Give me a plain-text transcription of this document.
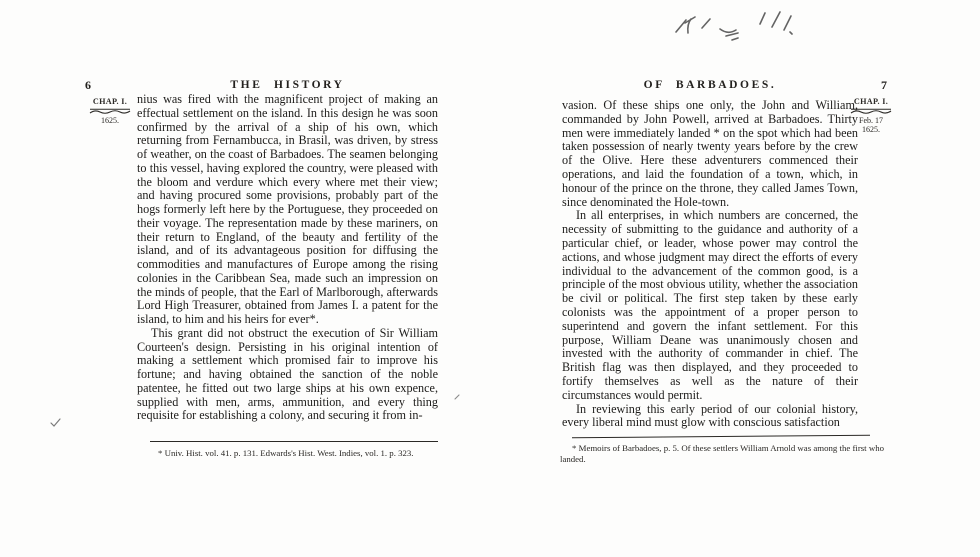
6	THE HISTORY
CHAP. I.
1625.

nius was fired with the magnificent project of making an effectual settlement on the island. In this design he was soon confirmed by the arrival of a ship of his own, which returning from Fernambucca, in Brasil, was driven, by stress of weather, on the coast of Barbadoes. The seamen belonging to this vessel, having explored the country, were pleased with the bloom and verdure which every where met their view; and having procured some provisions, probably part of the hogs formerly left here by the Portuguese, they proceeded on their voyage. The representation made by these mariners, on their return to England, of the beauty and fertility of the island, and of its advantageous position for diffusing the commodities and manufactures of Europe among the rising colonies in the Caribbean Sea, made such an impression on the minds of people, that the Earl of Marlborough, afterwards Lord High Treasurer, obtained from James I. a patent for the island, to him and his heirs for ever*.

This grant did not obstruct the execution of Sir William Courteen's design. Persisting in his original intention of making a settlement which promised fair to improve his fortune; and having obtained the sanction of the noble patentee, he fitted out two large ships at his own expence, supplied with men, arms, ammunition, and every thing requisite for establishing a colony, and securing it from in-

* Univ. Hist. vol. 41. p. 131. Edwards's Hist. West. Indies, vol. 1. p. 323.
OF BARBADOES.	7
CHAP. I.
Feb. 17
1625.

vasion. Of these ships one only, the John and William, commanded by John Powell, arrived at Barbadoes. Thirty men were immediately landed * on the spot which had been taken possession of nearly twenty years before by the crew of the Olive. Here these adventurers commenced their operations, and laid the foundation of a town, which, in honour of the prince on the throne, they called James Town, since denominated the Hole-town.

In all enterprises, in which numbers are concerned, the necessity of submitting to the guidance and authority of a particular chief, or leader, whose power may control the actions, and whose judgment may direct the efforts of every individual to the advancement of the common good, is a principle of the most obvious utility, whether the association be civil or political. The first step taken by these early colonists was the appointment of a proper person to superintend and govern the infant settlement. For this purpose, William Deane was unanimously chosen and invested with the authority of commander in chief. The British flag was then displayed, and they proceeded to fortify themselves as well as the nature of their circumstances would permit.

In reviewing this early period of our colonial history, every liberal mind must glow with conscious satisfaction

* Memoirs of Barbadoes, p. 5. Of these settlers William Arnold was among the first who landed.
